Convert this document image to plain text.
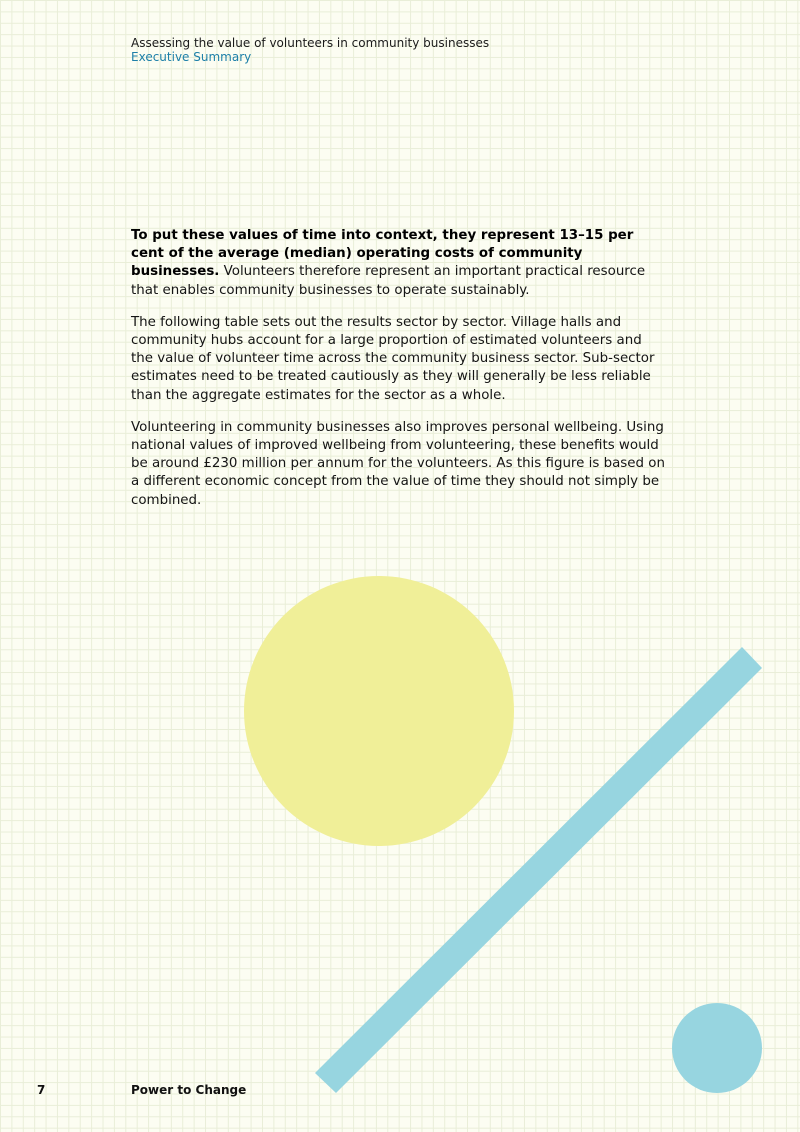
Assessing the value of volunteers in community businesses
Executive Summary

To put these values of time into context, they represent 13–15 per cent of the average (median) operating costs of community businesses. Volunteers therefore represent an important practical resource that enables community businesses to operate sustainably.

The following table sets out the results sector by sector. Village halls and community hubs account for a large proportion of estimated volunteers and the value of volunteer time across the community business sector. Sub-sector estimates need to be treated cautiously as they will generally be less reliable than the aggregate estimates for the sector as a whole.

Volunteering in community businesses also improves personal wellbeing. Using national values of improved wellbeing from volunteering, these benefits would be around £230 million per annum for the volunteers. As this figure is based on a different economic concept from the value of time they should not simply be combined.

7	Power to Change
